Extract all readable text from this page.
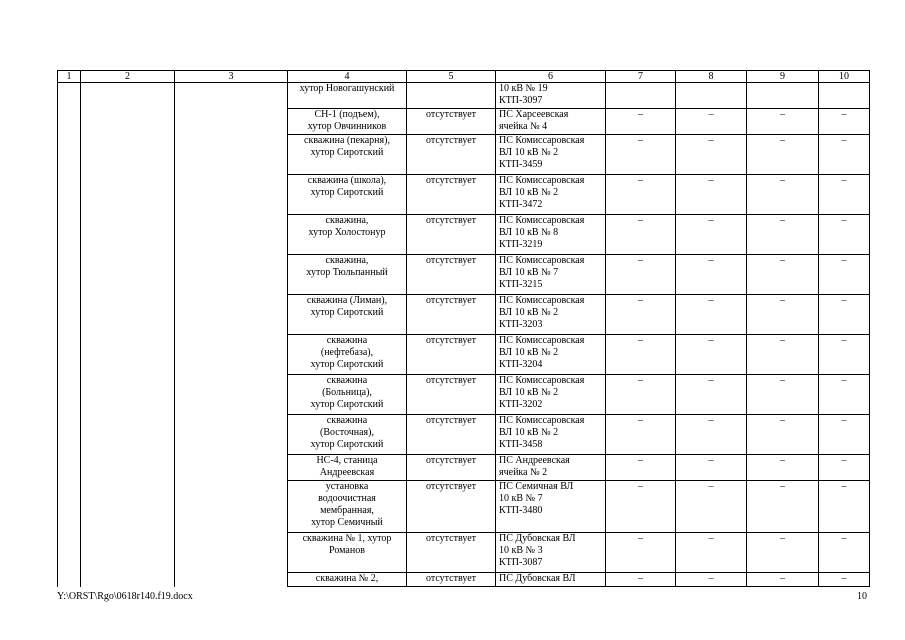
1	2	3	4	5	6	7	8	9	10
			хутор Новогашунский		10 кВ № 19
КТП-3097				
			СН-1 (подъем),
хутор Овчинников	отсутствует	ПС Харсеевская
ячейка № 4	–	–	–	–
			скважина (пекарня),
хутор Сиротский	отсутствует	ПС Комиссаровская
ВЛ 10 кВ № 2
КТП-3459	–	–	–	–
			скважина (школа),
хутор Сиротский	отсутствует	ПС Комиссаровская
ВЛ 10 кВ № 2
КТП-3472	–	–	–	–
			скважина,
хутор Холостонур	отсутствует	ПС Комиссаровская
ВЛ 10 кВ № 8
КТП-3219	–	–	–	–
			скважина,
хутор Тюльпанный	отсутствует	ПС Комиссаровская
ВЛ 10 кВ № 7
КТП-3215	–	–	–	–
			скважина (Лиман),
хутор Сиротский	отсутствует	ПС Комиссаровская
ВЛ 10 кВ № 2
КТП-3203	–	–	–	–
			скважина
(нефтебаза),
хутор Сиротский	отсутствует	ПС Комиссаровская
ВЛ 10 кВ № 2
КТП-3204	–	–	–	–
			скважина
(Больница),
хутор Сиротский	отсутствует	ПС Комиссаровская
ВЛ 10 кВ № 2
КТП-3202	–	–	–	–
			скважина
(Восточная),
хутор Сиротский	отсутствует	ПС Комиссаровская
ВЛ 10 кВ № 2
КТП-3458	–	–	–	–
			НС-4, станица
Андреевская	отсутствует	ПС Андреевская
ячейка № 2	–	–	–	–
			установка
водоочистная
мембранная,
хутор Семичный	отсутствует	ПС Семичная ВЛ
10 кВ № 7
КТП-3480	–	–	–	–
			скважина № 1, хутор
Романов	отсутствует	ПС Дубовская ВЛ
10 кВ № 3
КТП-3087	–	–	–	–
			скважина № 2,	отсутствует	ПС Дубовская ВЛ	–	–	–	–
Y:\ORST\Rgo\0618r140.f19.docx	10
